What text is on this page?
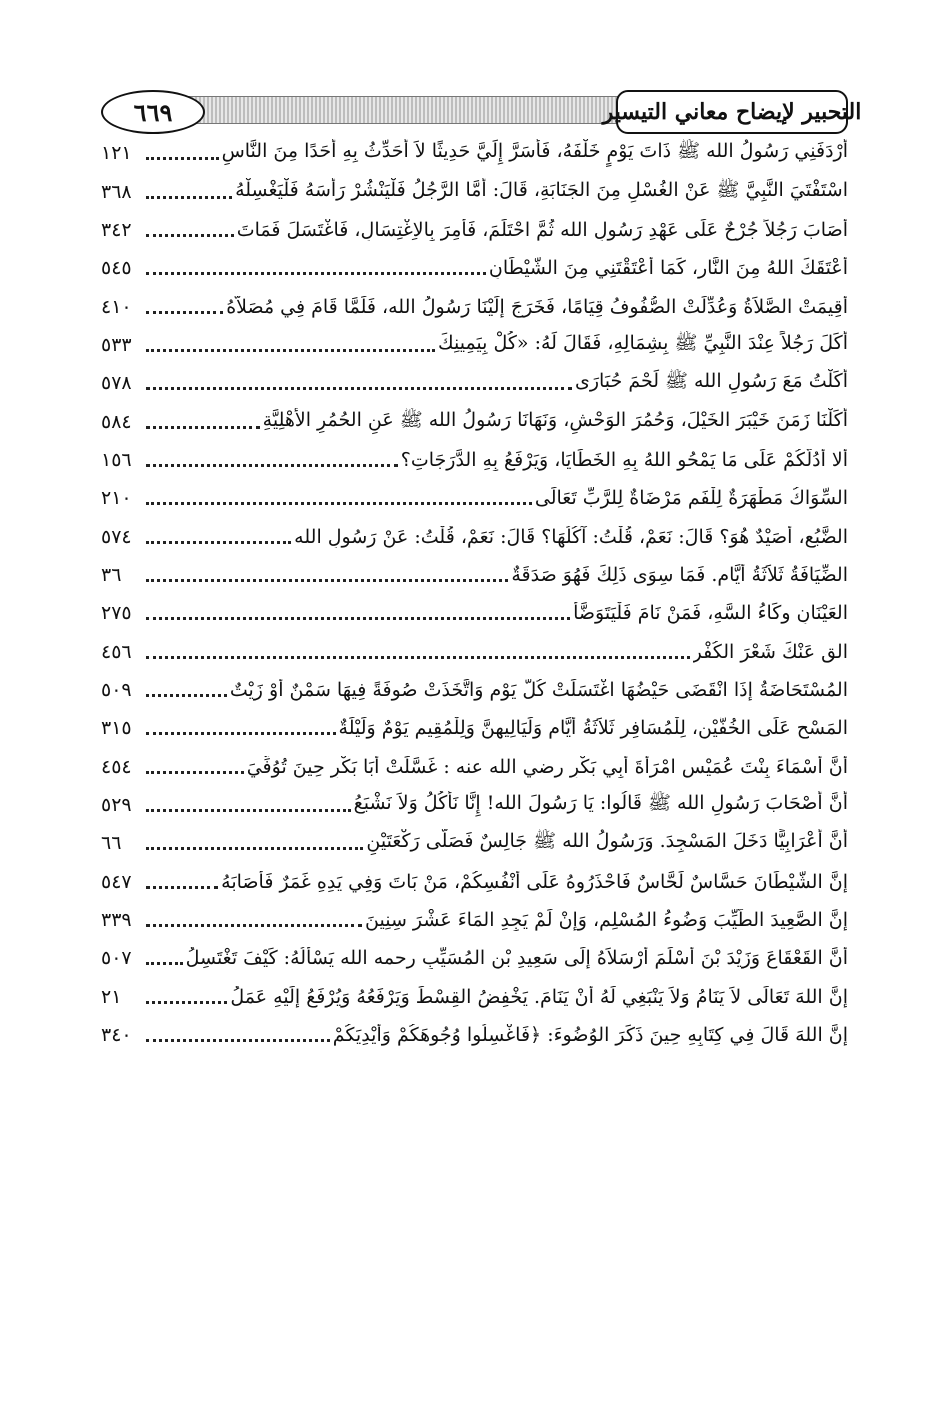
٦٦٩	التحبير لإيضاح معاني التيسير
أَرْدَفَنِي رَسُولُ الله ﷺ ذَاتَ يَوْمٍ خَلْفَهُ، فَأَسَرَّ إِلَيَّ حَدِيثًا لاَ أُحَدِّثُ بِهِ أَحَدًا مِنَ النَّاسِ
١٢١
اسْتَفْتَيَ النَّبِيَّ ﷺ عَنْ الغُسْلِ مِنَ الجَنَابَةِ، قَالَ: أَمَّا الرَّجُلُ فَلْيَنْشُرْ رَأْسَهُ فَلْيَغْسِلْهُ
٣٦٨
أَصَابَ رَجُلاً جُرْحٌ عَلَى عَهْدِ رَسُولِ الله ثُمَّ احْتَلَمَ، فَأُمِرَ بِالاِغْتِسَالِ، فَاغْتَسَلَ فَمَاتَ
٣٤٢
أَعْتَقَكَ اللهُ مِنَ النَّارِ، كَمَا أَعْتَقْتَنِي مِنَ الشَّيْطَانِ
٥٤٥
أُقِيمَتْ الصَّلاَةُ وَعُدِّلَتْ الصُّفُوفُ قِيَامًا، فَخَرَجَ إِلَيْنَا رَسُولُ الله، فَلَمَّا قَامَ فِي مُصَلاَّهُ
٤١٠
أَكَلَ رَجُلاً عِنْدَ النَّبِيِّ ﷺ بِشِمَالِهِ، فَقَالَ لَهُ: «كُلْ بِيَمِينِكَ
٥٣٣
أَكَلْتُ مَعَ رَسُولِ الله ﷺ لَحْمَ حُبَارَى
٥٧٨
أَكَلْنَا زَمَنَ خَيْبَرَ الخَيْلَ، وَحُمُرَ الوَحْشِ، وَنَهَانَا رَسُولُ الله ﷺ عَنِ الحُمُرِ الأَهْلِيَّةِ
٥٨٤
أَلا أَدُلُّكُمْ عَلَى مَا يَمْحُو اللهُ بِهِ الخَطَايَا، وَيَرْفَعُ بِهِ الدَّرَجَاتِ؟
١٥٦
السِّوَاكُ مَطْهَرَةٌ لِلْفَمِ مَرْضَاةٌ لِلرَّبِّ تَعَالَى
٢١٠
الضَّبُعِ، أَصَيْدٌ هُوَ؟ قَالَ: نَعَمْ، قُلْتُ: آكُلُهَا؟ قَالَ: نَعَمْ، قُلْتُ: عَنْ رَسُولِ الله
٥٧٤
الضِّيَافَةُ ثَلاَثَةُ أَيَّامٍ. فَمَا سِوَى ذَلِكَ فَهُوَ صَدَقَةٌ
٣٦
العَيْنَانِ وِكَاءُ السَّهِ، فَمَنْ نَامَ فَلْيَتَوَضَّأْ
٢٧٥
الق عَنْكَ شَعْرَ الكُفْرِ
٤٥٦
المُسْتَحَاضَةُ إِذَا انْقَضَى حَيْضُهَا اغْتَسَلَتْ كُلَّ يَوْمٍ وَاتَّخَذَتْ صُوفَةً فِيهَا سَمْنٌ أَوْ زَيْتٌ
٥٠٩
المَسْحِ عَلَى الخُفَّيْنِ، لِلْمُسَافِرِ ثَلاَثَةُ أَيَّامٍ وَلَيَالِيهِنَّ وَلِلْمُقِيمِ يَوْمٌ وَلَيْلَةٌ
٣١٥
أَنَّ أَسْمَاءَ بِنْتَ عُمَيْسٍ امْرَأَةَ أَبِي بَكْرٍ رضي الله عنه : غَسَّلَتْ أَبَا بَكْرٍ حِينَ تُوُفِّيَ
٤٥٤
أَنَّ أَصْحَابَ رَسُولِ الله ﷺ قَالُوا: يَا رَسُولَ الله! إِنَّا نَأْكُلُ وَلاَ نَشْبَعُ
٥٢٩
أَنَّ أَعْرَابِيًّا دَخَلَ المَسْجِدَ. وَرَسُولُ الله ﷺ جَالِسٌ فَصَلَّى رَكْعَتَيْنِ
٦٦
إِنَّ الشَّيْطَانَ حَسَّاسٌ لَحَّاسٌ فَاحْذَرُوهُ عَلَى أَنْفُسِكُمْ، مَنْ بَاتَ وَفِي يَدِهِ غَمَرٌ فَأَصَابَهُ
٥٤٧
إِنَّ الصَّعِيدَ الطَّيِّبَ وَضُوءُ المُسْلِمِ، وَإِنْ لَمْ يَجِدِ المَاءَ عَشْرَ سِنِينَ
٣٣٩
أَنَّ القَعْقَاعَ وَزَيْدَ بْنَ أَسْلَمَ أَرْسَلاَهُ إِلَى سَعِيدِ بْنِ المُسَيِّبِ رحمه الله يَسْأَلُهُ: كَيْفَ تَغْتَسِلُ
٥٠٧
إِنَّ اللهَ تَعَالَى لاَ يَنَامُ وَلاَ يَنْبَغِي لَهُ أَنْ يَنَامَ. يَخْفِضُ القِسْطَ وَيَرْفَعُهُ وَيُرْفَعُ إِلَيْهِ عَمَلُ
٢١
إِنَّ اللهَ قَالَ فِي كِتَابِهِ حِينَ ذَكَرَ الوُضُوءَ: ﴿فَاغْسِلُوا وُجُوهَكُمْ وَأَيْدِيَكُمْ
٣٤٠
